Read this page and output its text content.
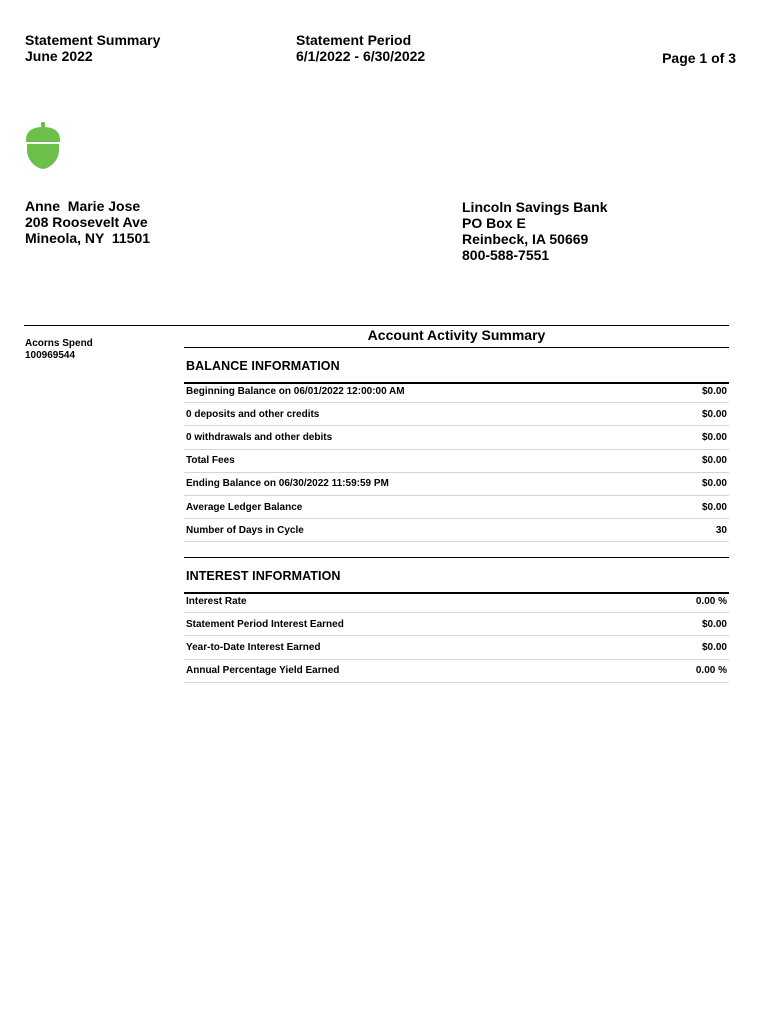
Statement Summary
June 2022
Statement Period
6/1/2022 - 6/30/2022	Page 1 of 3
Anne  Marie Jose
208 Roosevelt Ave
Mineola, NY  11501
Lincoln Savings Bank
PO Box E
Reinbeck, IA 50669
800-588-7551
Acorns Spend
100969544
Account Activity Summary
BALANCE INFORMATION
Beginning Balance on 06/01/2022 12:00:00 AM	$0.00
0 deposits and other credits	$0.00
0 withdrawals and other debits	$0.00
Total Fees	$0.00
Ending Balance on 06/30/2022 11:59:59 PM	$0.00
Average Ledger Balance	$0.00
Number of Days in Cycle	30
INTEREST INFORMATION
Interest Rate	0.00 %
Statement Period Interest Earned	$0.00
Year-to-Date Interest Earned	$0.00
Annual Percentage Yield Earned	0.00 %
